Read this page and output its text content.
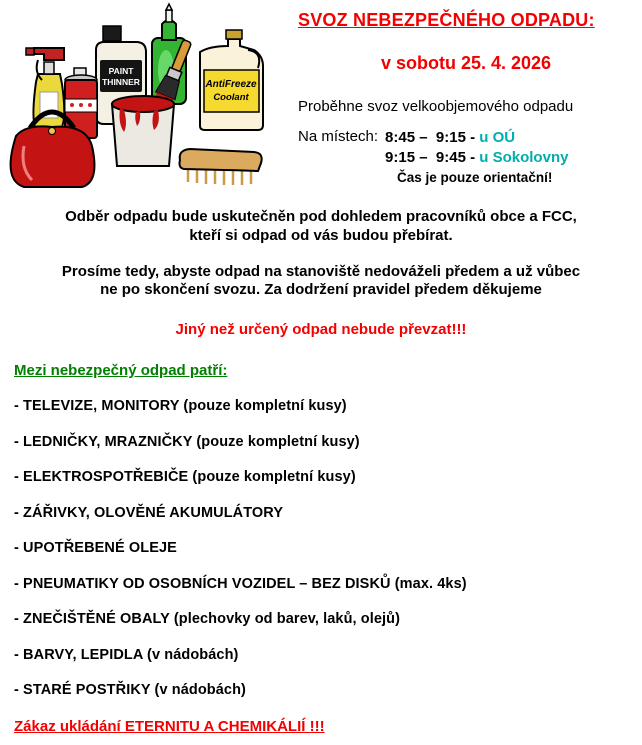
AntiFreeze
Coolant
PAINT
THINNER
SVOZ NEBEZPEČNÉHO ODPADU:
v sobotu 25. 4. 2026
Proběhne svoz velkoobjemového odpadu
Na místech: 8:45 –  9:15 - u OÚ
9:15 –  9:45 - u Sokolovny
Čas je pouze orientační!
Odběr odpadu bude uskutečněn pod dohledem pracovníků obce a FCC,
kteří si odpad od vás budou přebírat.
Prosíme tedy, abyste odpad na stanoviště nedováželi předem a už vůbec
ne po skončení svozu. Za dodržení pravidel předem děkujeme
Jiný než určený odpad nebude převzat!!!
Mezi nebezpečný odpad patří:
- TELEVIZE, MONITORY (pouze kompletní kusy)
- LEDNIČKY, MRAZNIČKY (pouze kompletní kusy)
- ELEKTROSPOTŘEBIČE (pouze kompletní kusy)
- ZÁŘIVKY, OLOVĚNÉ AKUMULÁTORY
- UPOTŘEBENÉ OLEJE
- PNEUMATIKY OD OSOBNÍCH VOZIDEL – BEZ DISKŮ (max. 4ks)
- ZNEČIŠTĚNÉ OBALY (plechovky od barev, laků, olejů)
- BARVY, LEPIDLA (v nádobách)
- STARÉ POSTŘIKY (v nádobách)
Zákaz ukládání ETERNITU A CHEMIKÁLIÍ !!!
